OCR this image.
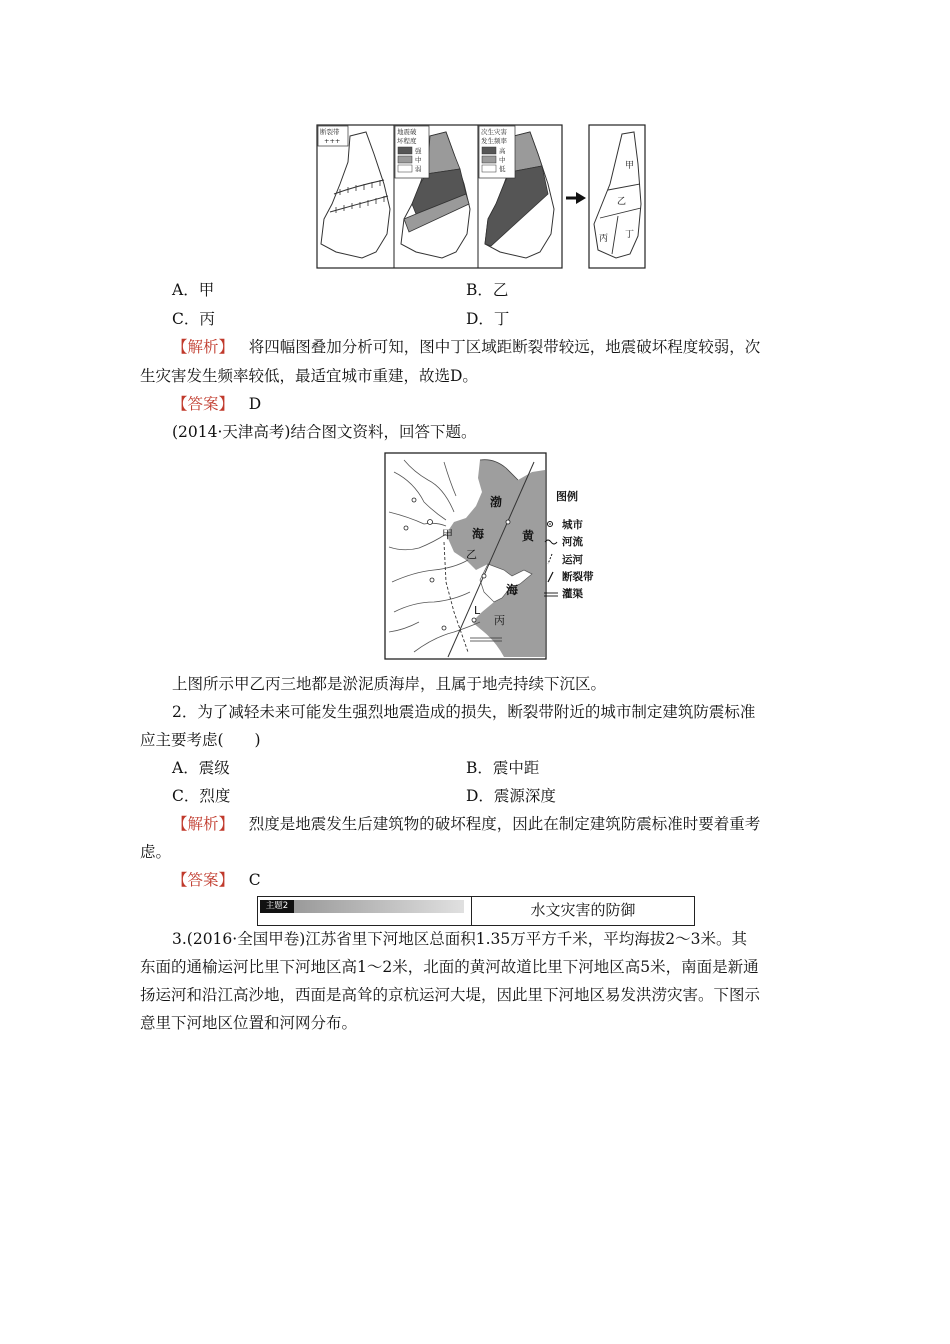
断裂带
+++
地震破
坏程度
强
中
弱
次生灾害
发生频率
高
中
低	甲
乙
丙 丁
A．甲	B．乙
C．丙	D．丁
【解析】 将四幅图叠加分析可知，图中丁区域距断裂带较远，地震破坏程度较弱，次
生灾害发生频率较低，最适宜城市重建，故选D。
【答案】 D
(2014·天津高考)结合图文资料，回答下题。
渤
海	黄
海
甲
乙
丙
L
图例
城市
河流
运河
断裂带
灌渠
上图所示甲乙丙三地都是淤泥质海岸，且属于地壳持续下沉区。
2．为了减轻未来可能发生强烈地震造成的损失，断裂带附近的城市制定建筑防震标准
应主要考虑(　　)
A．震级	B．震中距
C．烈度	D．震源深度
【解析】 烈度是地震发生后建筑物的破坏程度，因此在制定建筑防震标准时要着重考
虑。
【答案】 C
主题2	水文灾害的防御
3.(2016·全国甲卷)江苏省里下河地区总面积1.35万平方千米，平均海拔2～3米。其
东面的通榆运河比里下河地区高1～2米，北面的黄河故道比里下河地区高5米，南面是新通
扬运河和沿江高沙地，西面是高耸的京杭运河大堤，因此里下河地区易发洪涝灾害。下图示
意里下河地区位置和河网分布。
